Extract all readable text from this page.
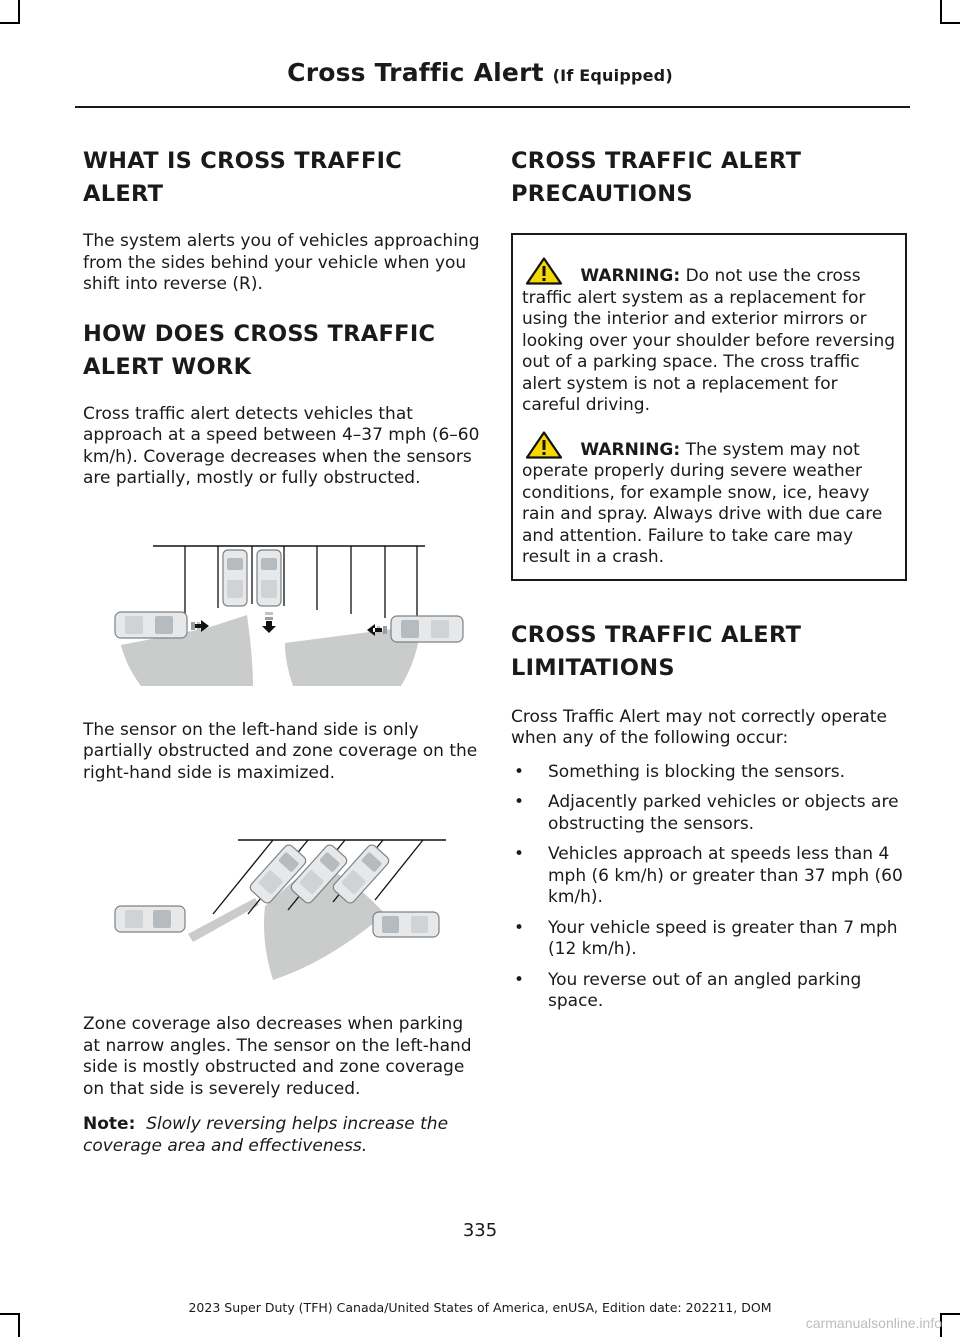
Cross Traffic Alert (If Equipped)
WHAT IS CROSS TRAFFIC ALERT

The system alerts you of vehicles approaching from the sides behind your vehicle when you shift into reverse (R).

HOW DOES CROSS TRAFFIC ALERT WORK

Cross traffic alert detects vehicles that approach at a speed between 4–37 mph (6–60 km/h). Coverage decreases when the sensors are partially, mostly or fully obstructed.

The sensor on the left-hand side is only partially obstructed and zone coverage on the right-hand side is maximized.

Zone coverage also decreases when parking at narrow angles. The sensor on the left-hand side is mostly obstructed and zone coverage on that side is severely reduced.

Note: Slowly reversing helps increase the coverage area and effectiveness.

CROSS TRAFFIC ALERT PRECAUTIONS

WARNING: Do not use the cross traffic alert system as a replacement for using the interior and exterior mirrors or looking over your shoulder before reversing out of a parking space. The cross traffic alert system is not a replacement for careful driving.

WARNING: The system may not operate properly during severe weather conditions, for example snow, ice, heavy rain and spray. Always drive with due care and attention. Failure to take care may result in a crash.

CROSS TRAFFIC ALERT LIMITATIONS

Cross Traffic Alert may not correctly operate when any of the following occur:

• Something is blocking the sensors.
• Adjacently parked vehicles or objects are obstructing the sensors.
• Vehicles approach at speeds less than 4 mph (6 km/h) or greater than 37 mph (60 km/h).
• Your vehicle speed is greater than 7 mph (12 km/h).
• You reverse out of an angled parking space.
335
2023 Super Duty (TFH) Canada/United States of America, enUSA, Edition date: 202211, DOM
carmanualsonline.info
